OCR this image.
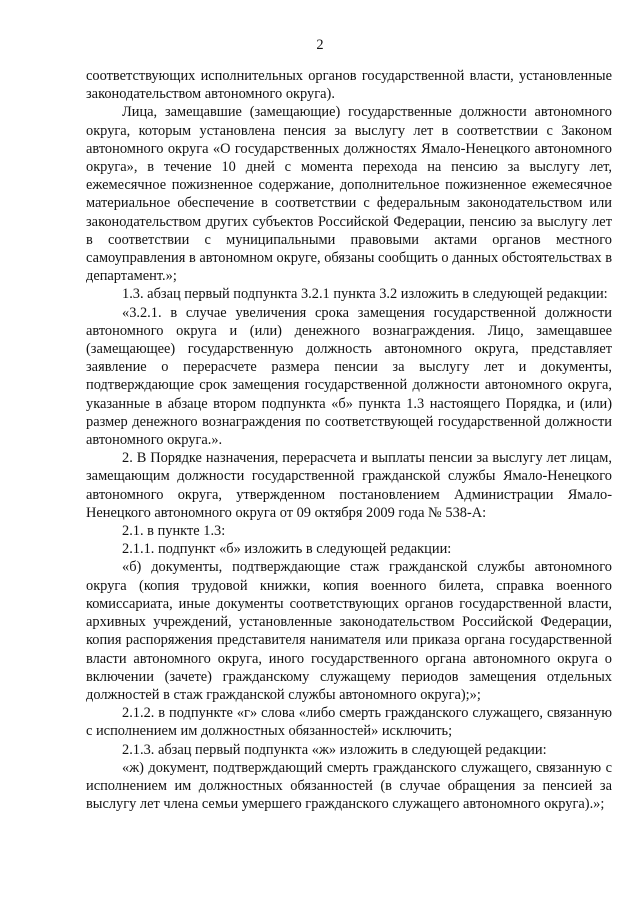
2

соответствующих исполнительных органов государственной власти, установленные законодательством автономного округа).

Лица, замещавшие (замещающие) государственные должности автономного округа, которым установлена пенсия за выслугу лет в соответствии с Законом автономного округа «О государственных должностях Ямало-Ненецкого автономного округа», в течение 10 дней с момента перехода на пенсию за выслугу лет, ежемесячное пожизненное содержание, дополнительное пожизненное ежемесячное материальное обеспечение в соответствии с федеральным законодательством или законодательством других субъектов Российской Федерации, пенсию за выслугу лет в соответствии с муниципальными правовыми актами органов местного самоуправления в автономном округе, обязаны сообщить о данных обстоятельствах в департамент.»;

1.3. абзац первый подпункта 3.2.1 пункта 3.2 изложить в следующей редакции:

«3.2.1. в случае увеличения срока замещения государственной должности автономного округа и (или) денежного вознаграждения. Лицо, замещавшее (замещающее) государственную должность автономного округа, представляет заявление о перерасчете размера пенсии за выслугу лет и документы, подтверждающие срок замещения государственной должности автономного округа, указанные в абзаце втором подпункта «б» пункта 1.3 настоящего Порядка, и (или) размер денежного вознаграждения по соответствующей государственной должности автономного округа.».

2. В Порядке назначения, перерасчета и выплаты пенсии за выслугу лет лицам, замещающим должности государственной гражданской службы Ямало-Ненецкого автономного округа, утвержденном постановлением Администрации Ямало-Ненецкого автономного округа от 09 октября 2009 года № 538-А:

2.1. в пункте 1.3:

2.1.1. подпункт «б» изложить в следующей редакции:

«б) документы, подтверждающие стаж гражданской службы автономного округа (копия трудовой книжки, копия военного билета, справка военного комиссариата, иные документы соответствующих органов государственной власти, архивных учреждений, установленные законодательством Российской Федерации, копия распоряжения представителя нанимателя или приказа органа государственной власти автономного округа, иного государственного органа автономного округа о включении (зачете) гражданскому служащему периодов замещения отдельных должностей в стаж гражданской службы автономного округа);»;

2.1.2. в подпункте «г» слова «либо смерть гражданского служащего, связанную с исполнением им должностных обязанностей» исключить;

2.1.3. абзац первый подпункта «ж» изложить в следующей редакции:

«ж) документ, подтверждающий смерть гражданского служащего, связанную с исполнением им должностных обязанностей (в случае обращения за пенсией за выслугу лет члена семьи умершего гражданского служащего автономного округа).»;
